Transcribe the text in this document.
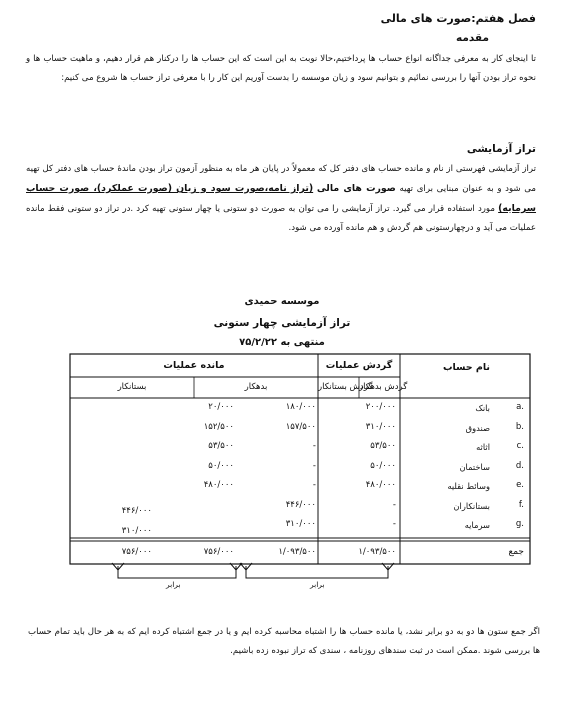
فصل هفتم:صورت های مالی
مقدمه
تا اینجای کار به معرفی جداگانه انواع حساب ها پرداختیم،حالا نوبت به این است که این حساب ها را درکنار هم قرار دهیم، و ماهیت حساب ها و نحوه تراز بودن آنها را بررسی نمائیم و بتوانیم سود و زیان موسسه را بدست آوریم این کار را با معرفی تراز حساب ها شروع می کنیم:
تراز آزمایشی
تراز آزمایشی فهرستی از نام و مانده حساب های دفتر کل که معمولاً در پایان هر ماه به منظور آزمون تراز بودن ماندهٔ حساب های دفتر کل تهیه می شود و به عنوان مبنایی برای تهیه صورت های مالی (تراز نامه،صورت سود و زیان (صورت عملکرد)، صورت حساب سرمایه) مورد استفاده قرار می گیرد. تراز آزمایشی را می توان به صورت دو ستونی یا چهار ستونی تهیه کرد .در تراز دو ستونی فقط مانده عملیات می آید و درچهارستونی هم گردش و هم مانده آورده می شود.
موسسه حمیدی
تراز آزمایشی چهار ستونی
منتهی به ۷۵/۲/۲۲
نام حساب
گردش عملیات
مانده عملیات
گردش بدهکار
گردش بستانکار
بدهکار
بستانکار
a.
بانک
۲۰۰/۰۰۰
۱۸۰/۰۰۰
۲۰/۰۰۰
b.
صندوق
۳۱۰/۰۰۰
۱۵۷/۵۰۰
۱۵۲/۵۰۰
c.
اثاثه
۵۳/۵۰۰
-
۵۳/۵۰۰
d.
ساختمان
۵۰/۰۰۰
-
۵۰/۰۰۰
e.
وسائط نقلیه
۴۸۰/۰۰۰
-
۴۸۰/۰۰۰
۴۴۶/۰۰۰
f.
بستانکاران
-
۴۴۶/۰۰۰
۳۱۰/۰۰۰
g.
سرمایه
-
۳۱۰/۰۰۰
جمع
۱/۰۹۳/۵۰۰
۱/۰۹۳/۵۰۰
۷۵۶/۰۰۰
۷۵۶/۰۰۰
برابر
برابر
اگر جمع ستون ها دو به دو برابر نشد، یا مانده حساب ها را اشتباه محاسبه کرده ایم و یا در جمع اشتباه کرده ایم که به هر حال باید تمام حساب ها بررسی شوند .ممکن است در ثبت سندهای روزنامه ، سندی که تراز نبوده زده باشیم.
